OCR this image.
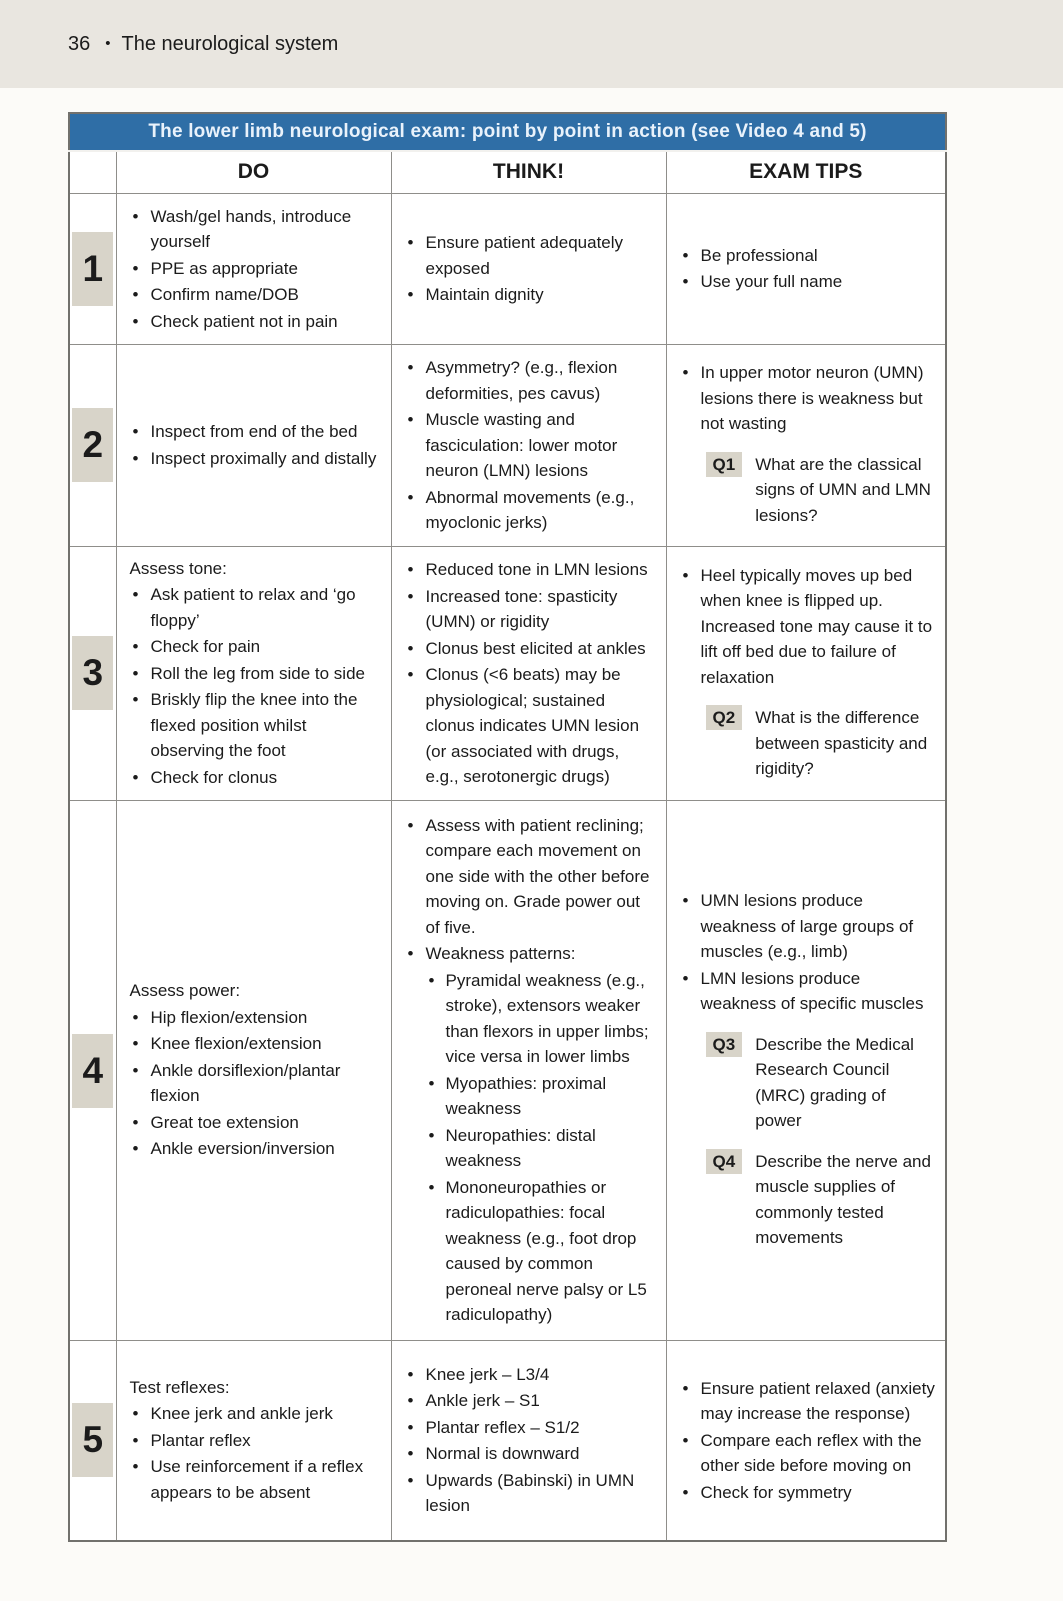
36 • The neurological system
The lower limb neurological exam: point by point in action (see Video 4 and 5)			
	DO	THINK!	EXAM TIPS

1

• Wash/gel hands, introduce yourself
• PPE as appropriate
• Confirm name/DOB
• Check patient not in pain

• Ensure patient adequately exposed
• Maintain dignity

• Be professional
• Use your full name

2	• Inspect from end of the bed
• Inspect proximally and distally

• Asymmetry? (e.g., flexion deformities, pes cavus)
• Muscle wasting and fasciculation: lower motor neuron (LMN) lesions
• Abnormal movements (e.g., myoclonic jerks)

• In upper motor neuron (UMN) lesions there is weakness but not wasting
Q1	What are the classical signs of UMN and LMN lesions?

3

Assess tone:
• Ask patient to relax and ‘go floppy’
• Check for pain
• Roll the leg from side to side
• Briskly flip the knee into the flexed position whilst observing the foot
• Check for clonus

• Reduced tone in LMN lesions
• Increased tone: spasticity (UMN) or rigidity
• Clonus best elicited at ankles
• Clonus (<6 beats) may be physiological; sustained clonus indicates UMN lesion (or associated with drugs, e.g., serotonergic drugs)

• Heel typically moves up bed when knee is flipped up. Increased tone may cause it to lift off bed due to failure of relaxation
Q2	What is the difference between spasticity and rigidity?

4

Assess power:
• Hip flexion/extension
• Knee flexion/extension
• Ankle dorsiflexion/plantar flexion
• Great toe extension
• Ankle eversion/inversion

• Assess with patient reclining; compare each movement on one side with the other before moving on. Grade power out of five.
• Weakness patterns:
• Pyramidal weakness (e.g., stroke), extensors weaker than flexors in upper limbs; vice versa in lower limbs
• Myopathies: proximal weakness
• Neuropathies: distal weakness
• Mononeuropathies or radiculopathies: focal weakness (e.g., foot drop caused by common peroneal nerve palsy or L5 radiculopathy)

• UMN lesions produce weakness of large groups of muscles (e.g., limb)
• LMN lesions produce weakness of specific muscles
Q3	Describe the Medical Research Council (MRC) grading of power
Q4	Describe the nerve and muscle supplies of commonly tested movements

5

Test reflexes:
• Knee jerk and ankle jerk
• Plantar reflex
• Use reinforcement if a reflex appears to be absent

• Knee jerk – L3/4
• Ankle jerk – S1
• Plantar reflex – S1/2
• Normal is downward
• Upwards (Babinski) in UMN lesion

• Ensure patient relaxed (anxiety may increase the response)
• Compare each reflex with the other side before moving on
• Check for symmetry
